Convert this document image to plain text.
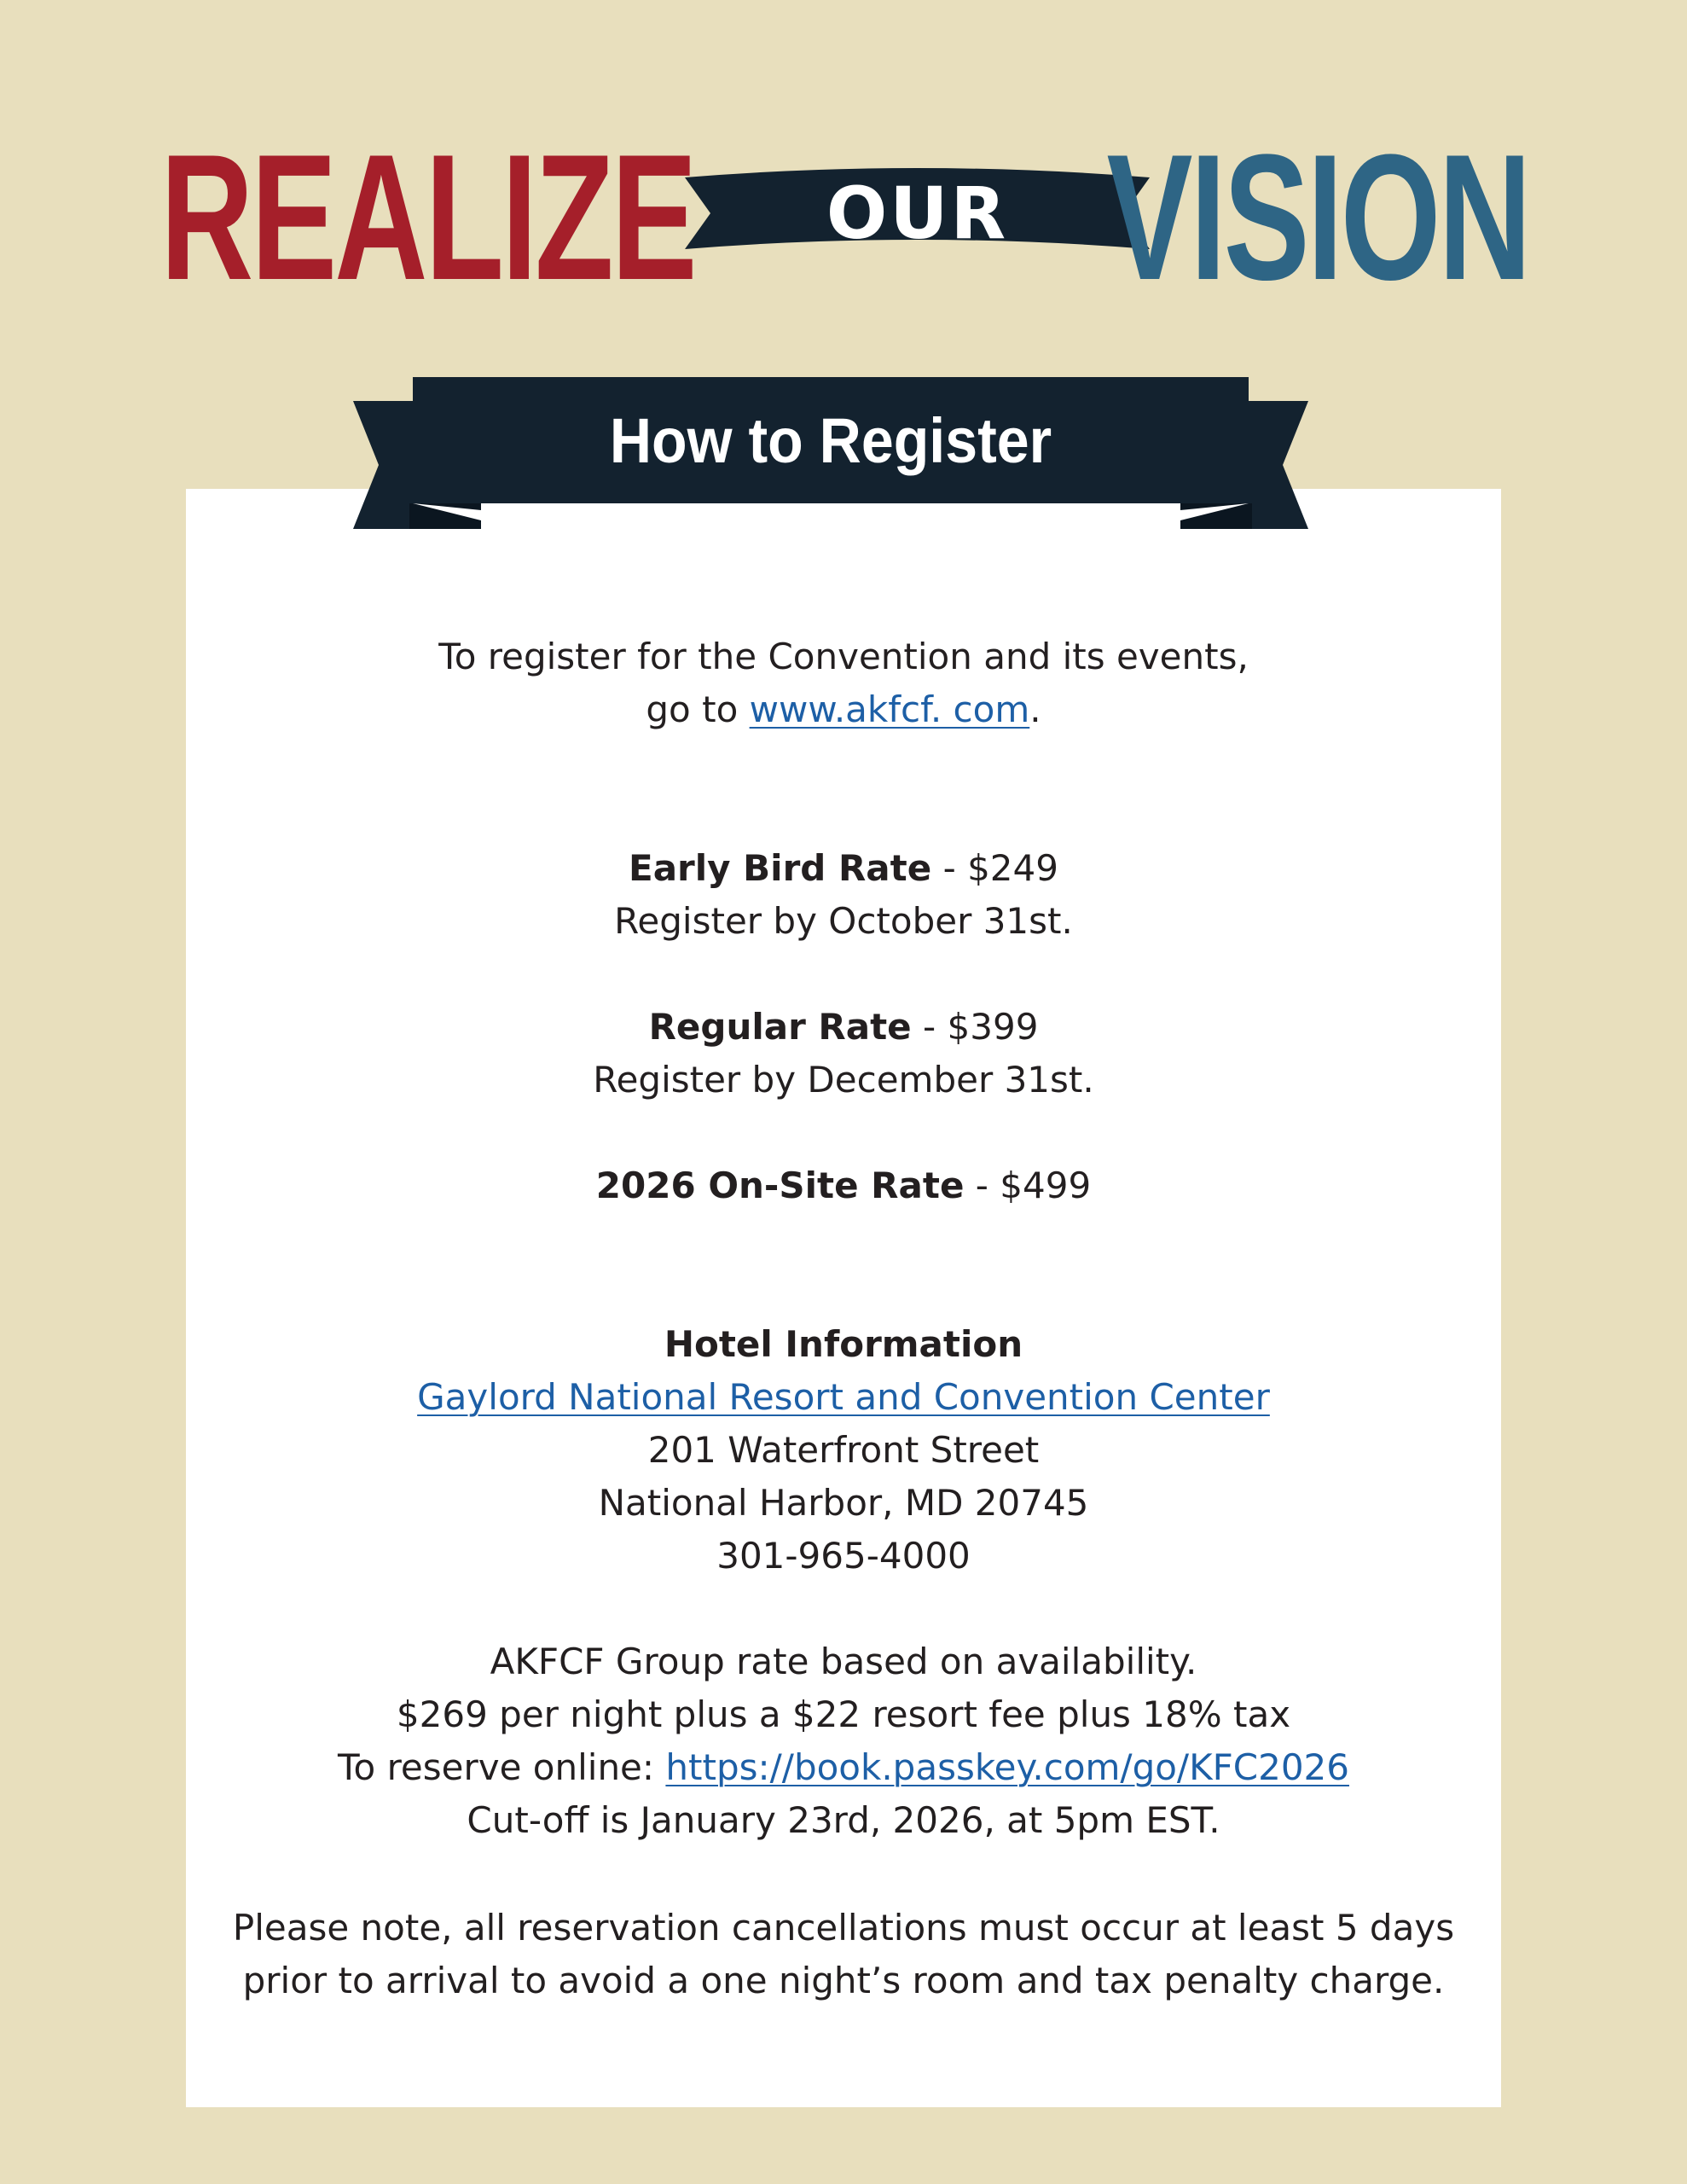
REALIZE	OUR VISION
How to Register
To register for the Convention and its events,
go to www.akfcf. com.
Early Bird Rate - $249
Register by October 31st.
Regular Rate - $399
Register by December 31st.
2026 On-Site Rate - $499
Hotel Information
Gaylord National Resort and Convention Center
201 Waterfront Street
National Harbor, MD 20745
301-965-4000
AKFCF Group rate based on availability.
$269 per night plus a $22 resort fee plus 18% tax
To reserve online: https://book.passkey.com/go/KFC2026
Cut-off is January 23rd, 2026, at 5pm EST.
Please note, all reservation cancellations must occur at least 5 days
prior to arrival to avoid a one night’s room and tax penalty charge.
